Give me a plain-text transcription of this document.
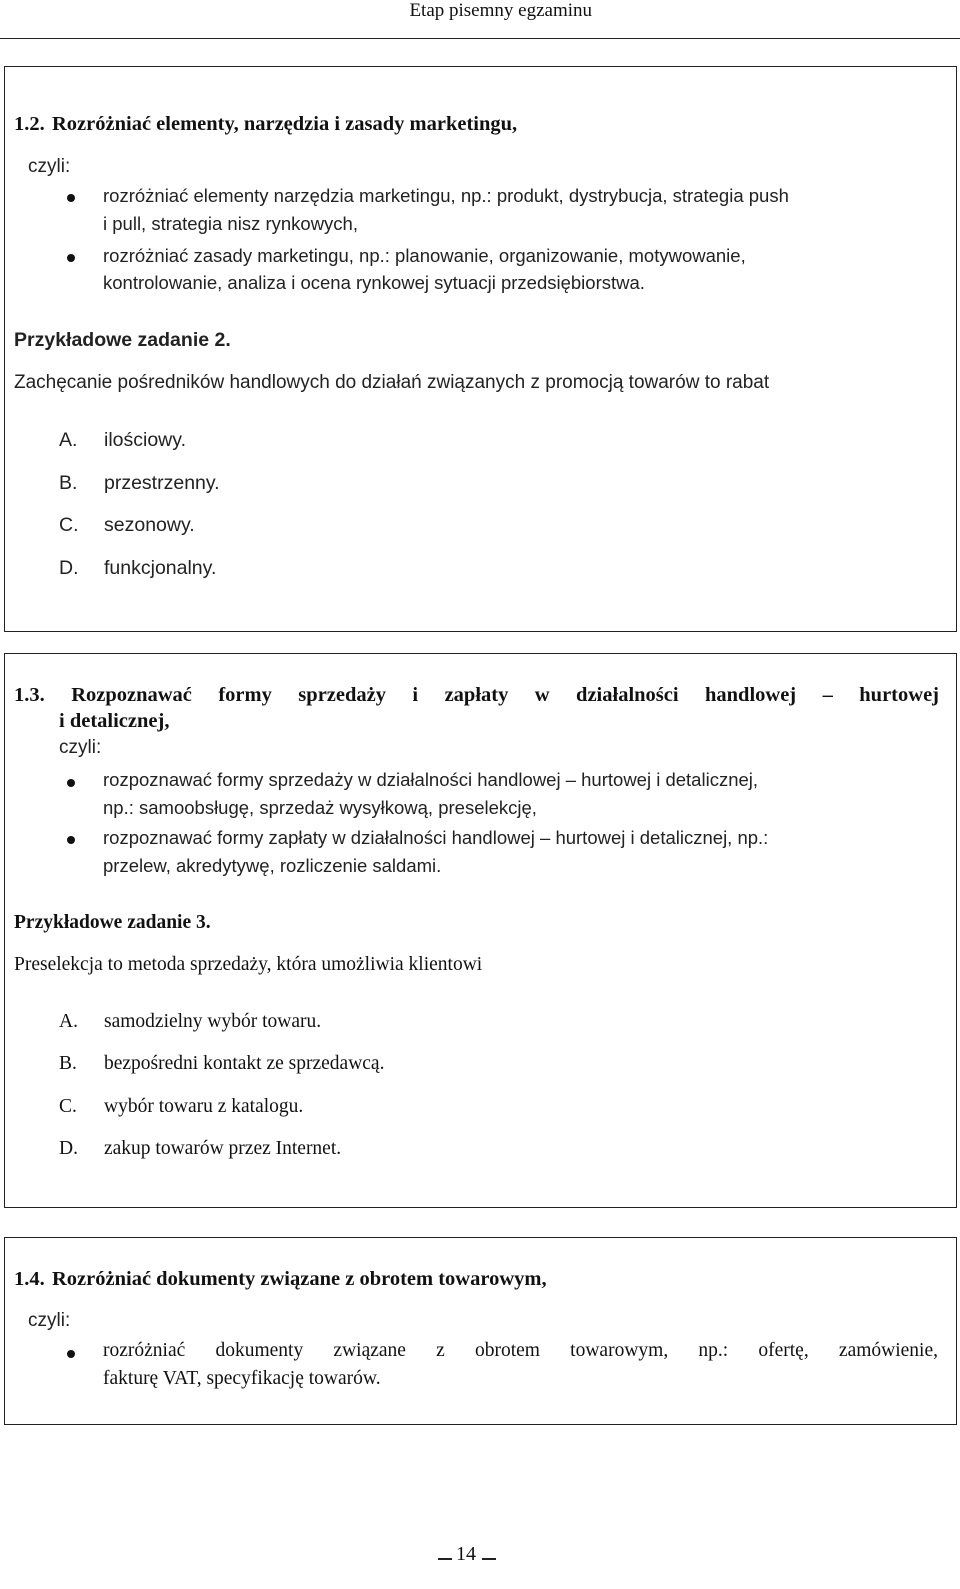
Etap pisemny egzaminu
1.2. Rozróżniać elementy, narzędzia i zasady marketingu,
czyli:
rozróżniać elementy narzędzia marketingu, np.: produkt, dystrybucja, strategia push
i pull, strategia nisz rynkowych,
rozróżniać zasady marketingu, np.: planowanie, organizowanie, motywowanie,
kontrolowanie, analiza i ocena rynkowej sytuacji przedsiębiorstwa.
Przykładowe zadanie 2.
Zachęcanie pośredników handlowych do działań związanych z promocją towarów to rabat
A. ilościowy.
B. przestrzenny.
C. sezonowy.
D. funkcjonalny.
1.3. Rozpoznawać formy sprzedaży i zapłaty w działalności handlowej – hurtowej
i detalicznej,
czyli:
rozpoznawać formy sprzedaży w działalności handlowej – hurtowej i detalicznej,
np.: samoobsługę, sprzedaż wysyłkową, preselekcję,
rozpoznawać formy zapłaty w działalności handlowej – hurtowej i detalicznej, np.:
przelew, akredytywę, rozliczenie saldami.
Przykładowe zadanie 3.
Preselekcja to metoda sprzedaży, która umożliwia klientowi
A. samodzielny wybór towaru.
B. bezpośredni kontakt ze sprzedawcą.
C. wybór towaru z katalogu.
D. zakup towarów przez Internet.
1.4. Rozróżniać dokumenty związane z obrotem towarowym,
czyli:
rozróżniać dokumenty związane z obrotem towarowym, np.: ofertę, zamówienie,
fakturę VAT, specyfikację towarów.
14
